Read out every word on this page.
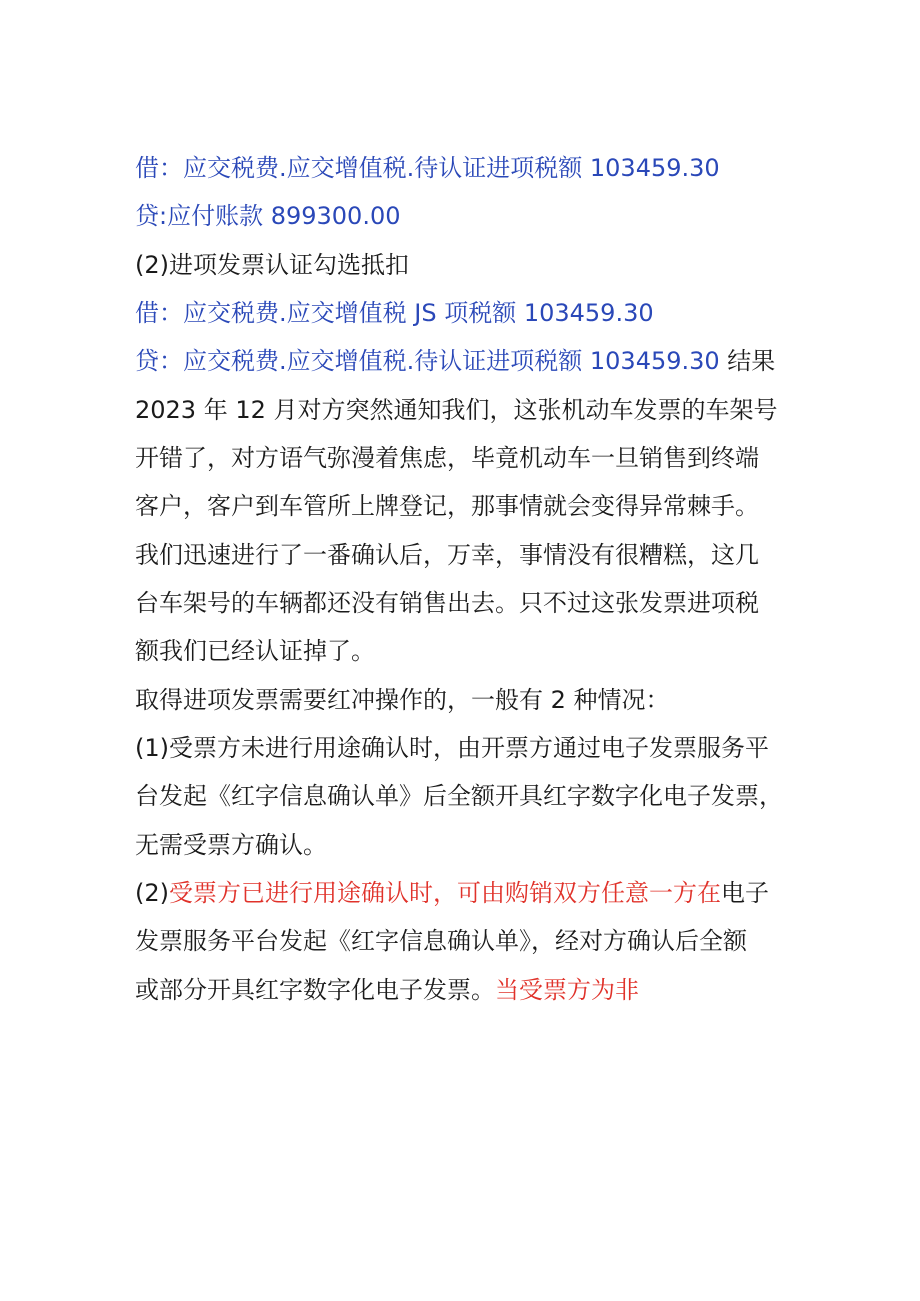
借：应交税费.应交增值税.待认证进项税额 103459.30
贷:应付账款 899300.00
(2)进项发票认证勾选抵扣
借：应交税费.应交增值税 JS 项税额 103459.30
贷：应交税费.应交增值税.待认证进项税额 103459.30 结果
2023 年 12 月对方突然通知我们，这张机动车发票的车架号
开错了，对方语气弥漫着焦虑，毕竟机动车一旦销售到终端
客户，客户到车管所上牌登记，那事情就会变得异常棘手。
我们迅速进行了一番确认后，万幸，事情没有很糟糕，这几
台车架号的车辆都还没有销售出去。只不过这张发票进项税
额我们已经认证掉了。
取得进项发票需要红冲操作的，一般有 2 种情况：
(1)受票方未进行用途确认时，由开票方通过电子发票服务平
台发起《红字信息确认单》后全额开具红字数字化电子发票，
无需受票方确认。
(2)受票方已进行用途确认时，可由购销双方任意一方在电子
发票服务平台发起《红字信息确认单》，经对方确认后全额
或部分开具红字数字化电子发票。当受票方为非
